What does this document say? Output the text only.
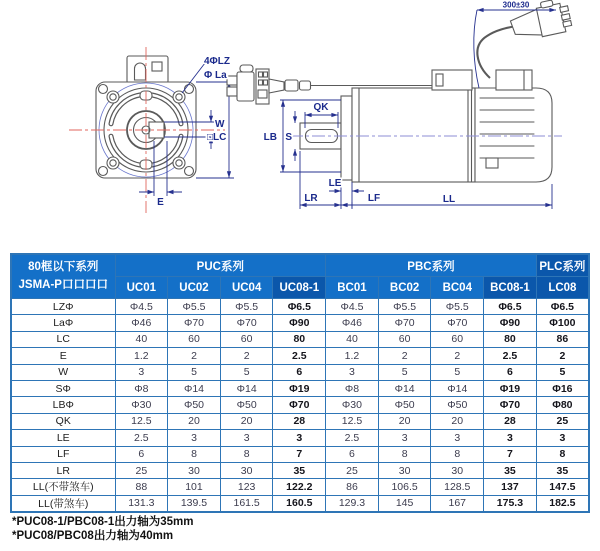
4ΦLZ
Φ La
W
□LC
E
QK
LB S
LE
LR	LF	LL
300±30
80框以下系列
JSMA-P口口口口	PUC系列				PBC系列				PLC系列
	UC01	UC02	UC04	UC08-1	BC01	BC02	BC04	BC08-1	LC08
LZΦ	Φ4.5	Φ5.5	Φ5.5	Φ6.5	Φ4.5	Φ5.5	Φ5.5	Φ6.5	Φ6.5
LaΦ	Φ46	Φ70	Φ70	Φ90	Φ46	Φ70	Φ70	Φ90	Φ100
LC	40	60	60	80	40	60	60	80	86
E	1.2	2	2	2.5	1.2	2	2	2.5	2
W	3	5	5	6	3	5	5	6	5
SΦ	Φ8	Φ14	Φ14	Φ19	Φ8	Φ14	Φ14	Φ19	Φ16
LBΦ	Φ30	Φ50	Φ50	Φ70	Φ30	Φ50	Φ50	Φ70	Φ80
QK	12.5	20	20	28	12.5	20	20	28	25
LE	2.5	3	3	3	2.5	3	3	3	3
LF	6	8	8	7	6	8	8	7	8
LR	25	30	30	35	25	30	30	35	35
LL(不带煞车)	88	101	123	122.2	86	106.5	128.5	137	147.5
LL(带煞车)	131.3	139.5	161.5	160.5	129.3	145	167	175.3	182.5
*PUC08-1/PBC08-1出力轴为35mm
*PUC08/PBC08出力轴为40mm
